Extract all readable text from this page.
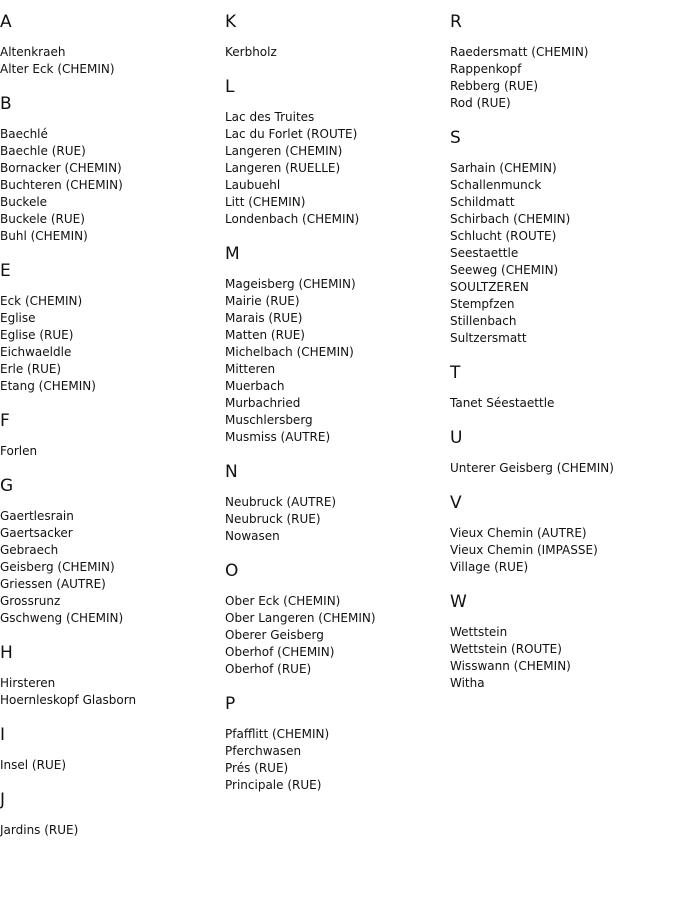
A
Altenkraeh
Alter Eck (CHEMIN)
B
Baechlé
Baechle (RUE)
Bornacker (CHEMIN)
Buchteren (CHEMIN)
Buckele
Buckele (RUE)
Buhl (CHEMIN)
E
Eck (CHEMIN)
Eglise
Eglise (RUE)
Eichwaeldle
Erle (RUE)
Etang (CHEMIN)
F
Forlen
G
Gaertlesrain
Gaertsacker
Gebraech
Geisberg (CHEMIN)
Griessen (AUTRE)
Grossrunz
Gschweng (CHEMIN)
H
Hirsteren
Hoernleskopf Glasborn
I
Insel (RUE)
J
Jardins (RUE)
K
Kerbholz
L
Lac des Truites
Lac du Forlet (ROUTE)
Langeren (CHEMIN)
Langeren (RUELLE)
Laubuehl
Litt (CHEMIN)
Londenbach (CHEMIN)
M
Mageisberg (CHEMIN)
Mairie (RUE)
Marais (RUE)
Matten (RUE)
Michelbach (CHEMIN)
Mitteren
Muerbach
Murbachried
Muschlersberg
Musmiss (AUTRE)
N
Neubruck (AUTRE)
Neubruck (RUE)
Nowasen
O
Ober Eck (CHEMIN)
Ober Langeren (CHEMIN)
Oberer Geisberg
Oberhof (CHEMIN)
Oberhof (RUE)
P
Pfafflitt (CHEMIN)
Pferchwasen
Prés (RUE)
Principale (RUE)
R
Raedersmatt (CHEMIN)
Rappenkopf
Rebberg (RUE)
Rod (RUE)
S
Sarhain (CHEMIN)
Schallenmunck
Schildmatt
Schirbach (CHEMIN)
Schlucht (ROUTE)
Seestaettle
Seeweg (CHEMIN)
SOULTZEREN
Stempfzen
Stillenbach
Sultzersmatt
T
Tanet Séestaettle
U
Unterer Geisberg (CHEMIN)
V
Vieux Chemin (AUTRE)
Vieux Chemin (IMPASSE)
Village (RUE)
W
Wettstein
Wettstein (ROUTE)
Wisswann (CHEMIN)
Witha
